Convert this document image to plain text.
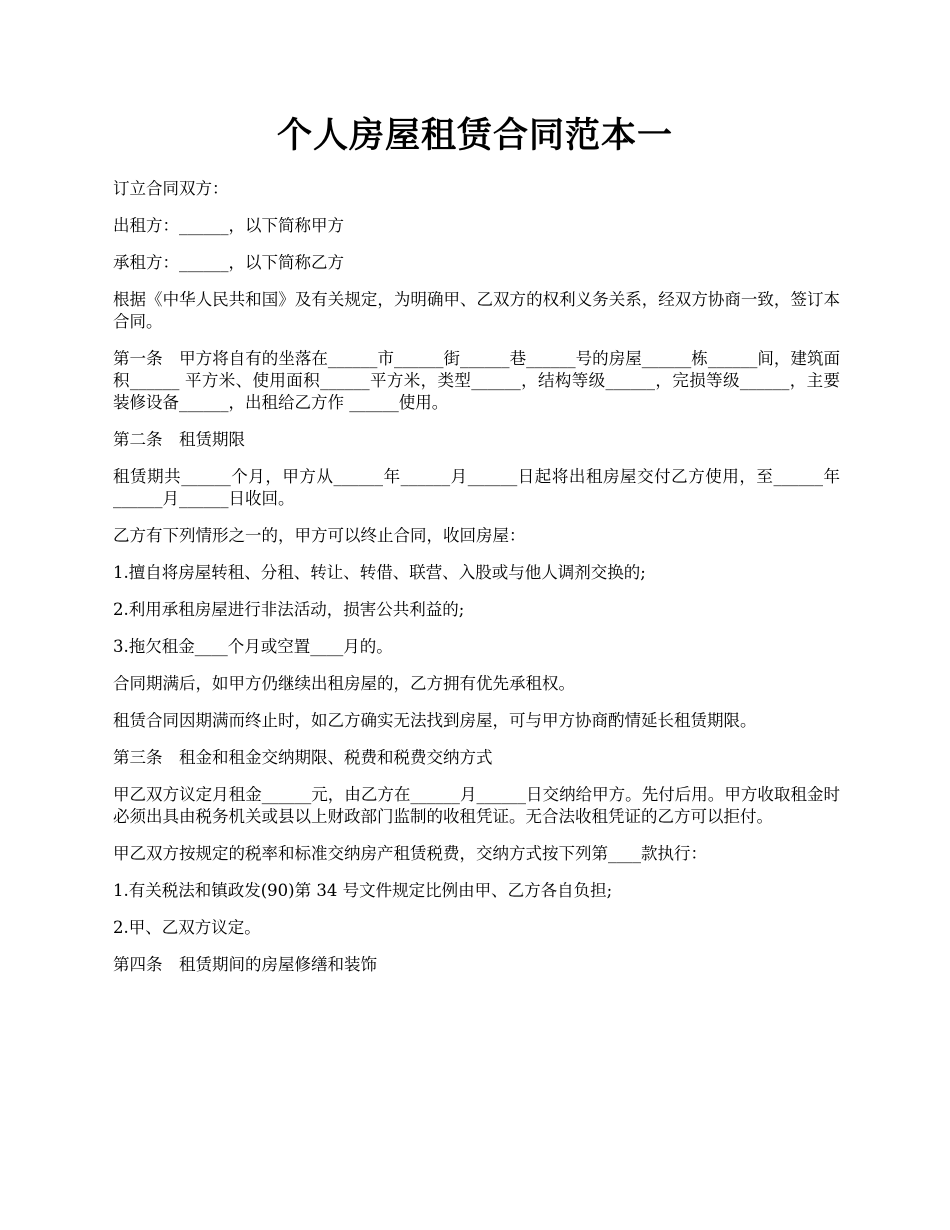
个人房屋租赁合同范本一

订立合同双方：

出租方：______，以下简称甲方

承租方：______，以下简称乙方

根据《中华人民共和国》及有关规定，为明确甲、乙双方的权利义务关系，经双方协商一致，签订本合同。

第一条　甲方将自有的坐落在______市______街______巷______号的房屋______栋______间，建筑面积______ 平方米、使用面积______平方米，类型______，结构等级______，完损等级______，主要装修设备______，出租给乙方作 ______使用。

第二条　租赁期限

租赁期共______个月，甲方从______年______月______日起将出租房屋交付乙方使用，至______年______月______日收回。

乙方有下列情形之一的，甲方可以终止合同，收回房屋：

1.擅自将房屋转租、分租、转让、转借、联营、入股或与他人调剂交换的;

2.利用承租房屋进行非法活动，损害公共利益的;

3.拖欠租金____个月或空置____月的。

合同期满后，如甲方仍继续出租房屋的，乙方拥有优先承租权。

租赁合同因期满而终止时，如乙方确实无法找到房屋，可与甲方协商酌情延长租赁期限。

第三条　租金和租金交纳期限、税费和税费交纳方式

甲乙双方议定月租金______元，由乙方在______月______日交纳给甲方。先付后用。甲方收取租金时必须出具由税务机关或县以上财政部门监制的收租凭证。无合法收租凭证的乙方可以拒付。

甲乙双方按规定的税率和标准交纳房产租赁税费，交纳方式按下列第____款执行：

1.有关税法和镇政发(90)第 34 号文件规定比例由甲、乙方各自负担;

2.甲、乙双方议定。

第四条　租赁期间的房屋修缮和装饰
